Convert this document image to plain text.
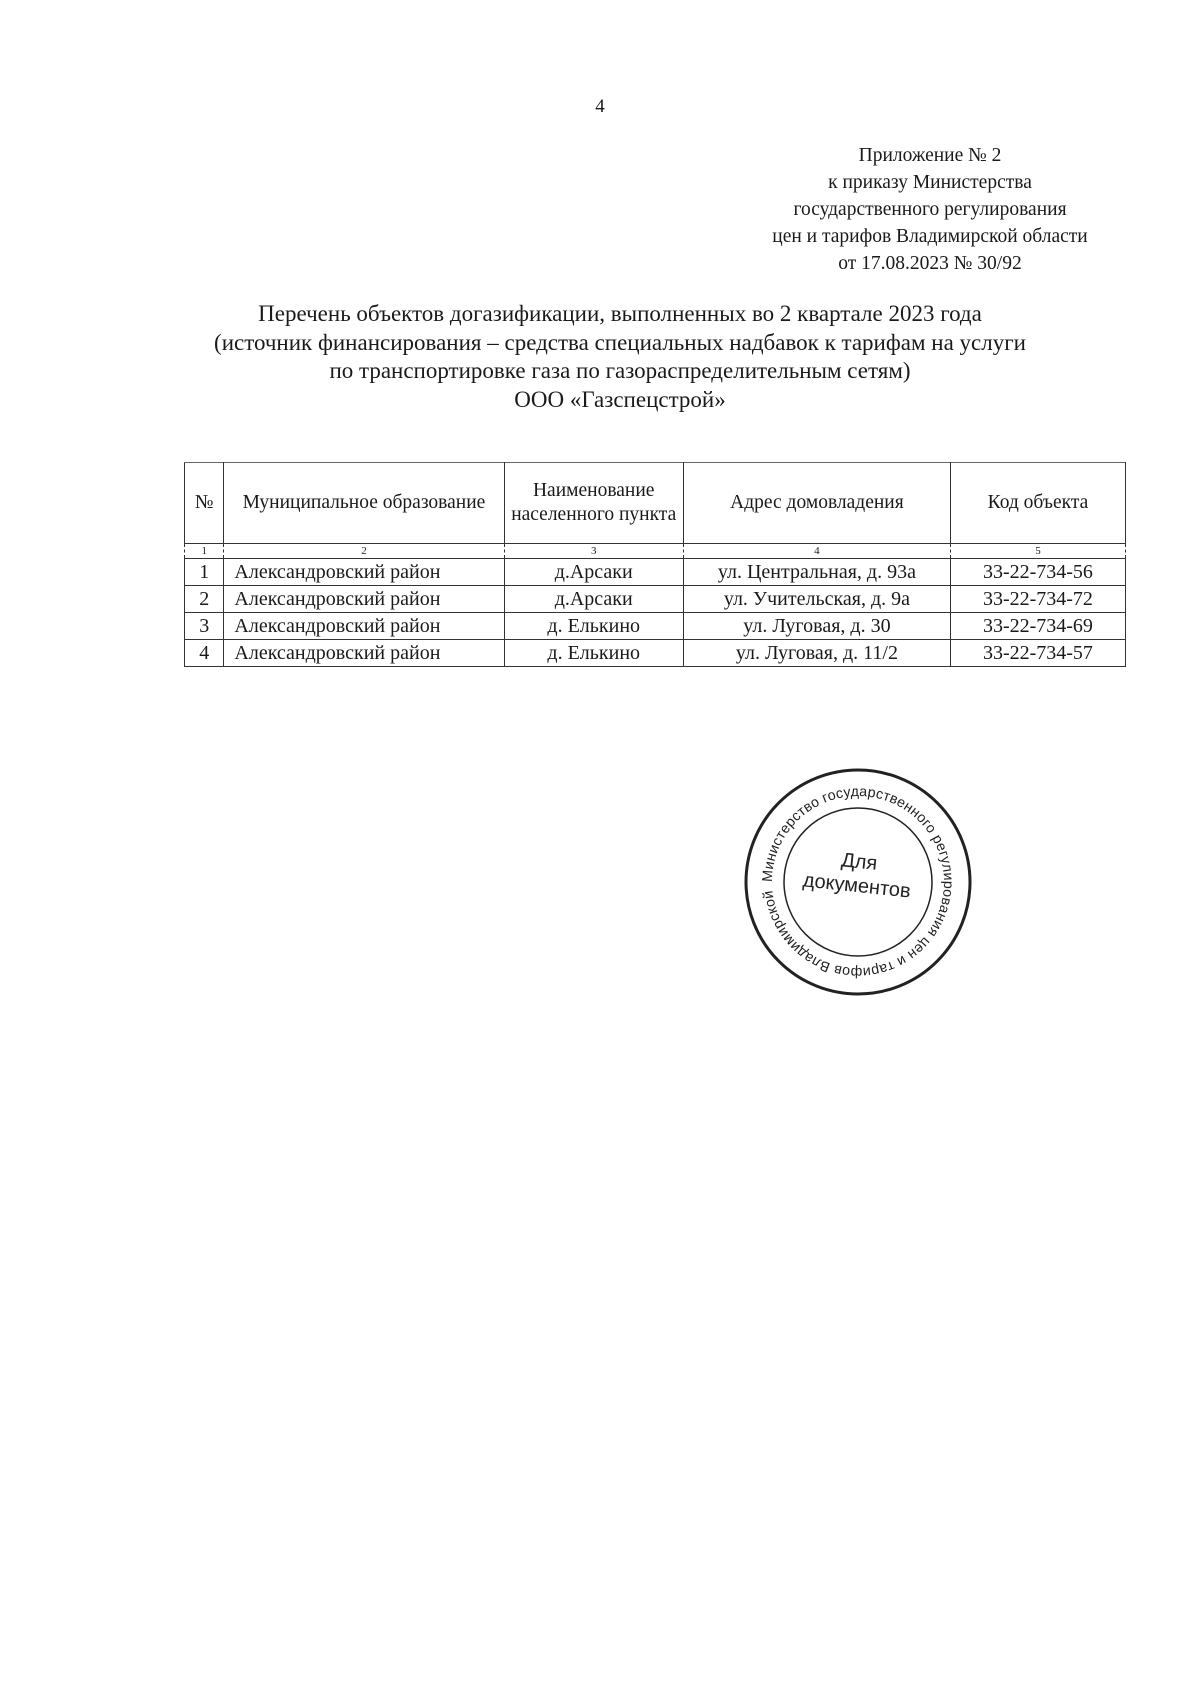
4
Приложение № 2
к приказу Министерства
государственного регулирования
цен и тарифов Владимирской области
от 17.08.2023 № 30/92
Перечень объектов догазификации, выполненных во 2 квартале 2023 года
(источник финансирования – средства специальных надбавок к тарифам на услуги
по транспортировке газа по газораспределительным сетям)
ООО «Газспецстрой»
№	Муниципальное образование	Наименование населенного пункта	Адрес домовладения	Код объекта
1	2	3	4	5
1	Александровский район	д.Арсаки	ул. Центральная, д. 93а	33-22-734-56
2	Александровский район	д.Арсаки	ул. Учительская, д. 9а	33-22-734-72
3	Александровский район	д. Елькино	ул. Луговая, д. 30	33-22-734-69
4	Александровский район	д. Елькино	ул. Луговая, д. 11/2	33-22-734-57
Министерство государственного регулирования цен и тарифов Владимирской
Для
документов
